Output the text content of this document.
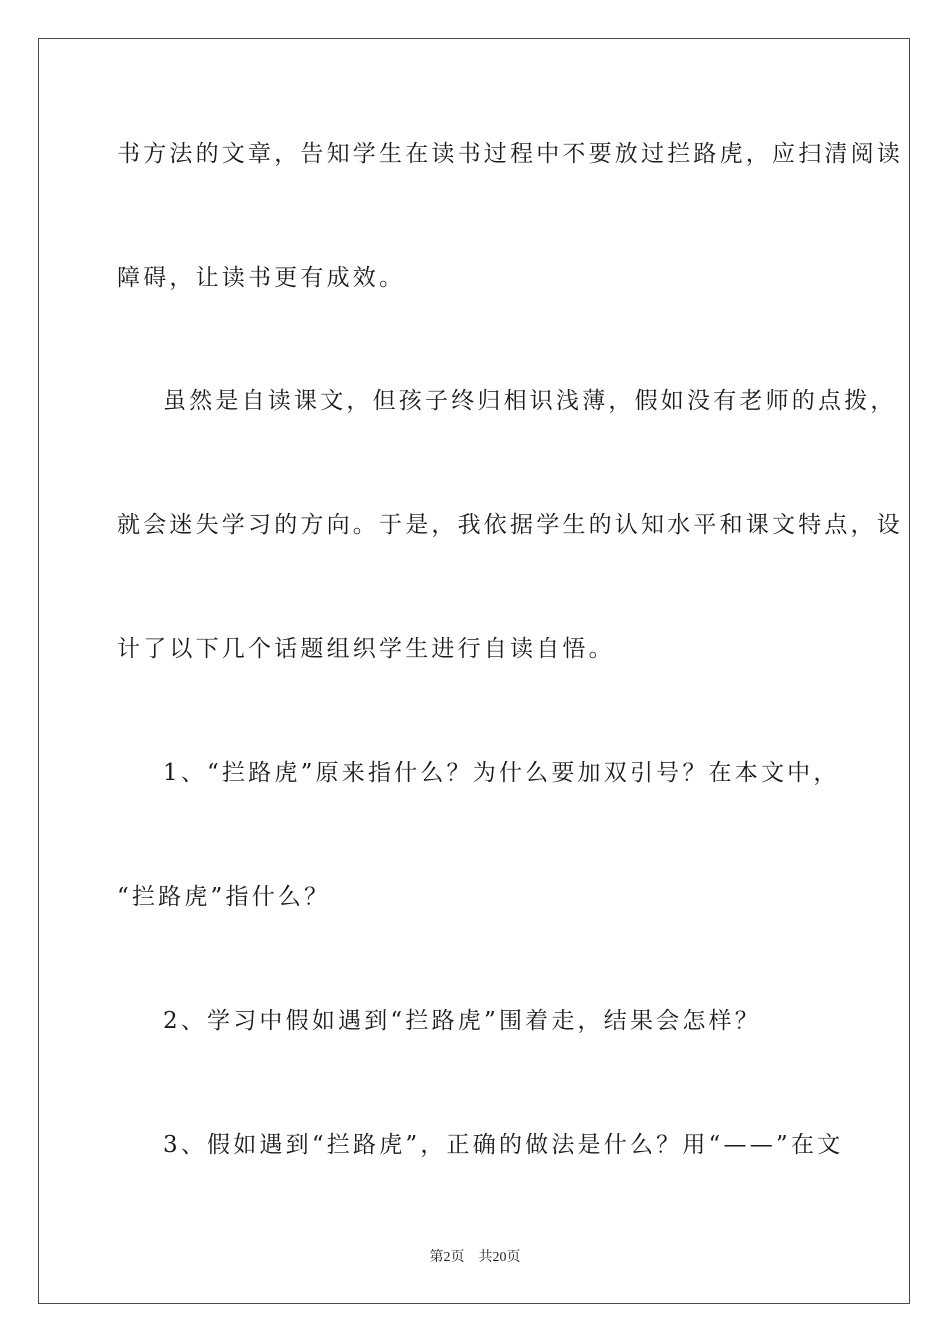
书方法的文章，告知学生在读书过程中不要放过拦路虎，应扫清阅读
障碍，让读书更有成效。
虽然是自读课文，但孩子终归相识浅薄，假如没有老师的点拨，
就会迷失学习的方向。于是，我依据学生的认知水平和课文特点，设
计了以下几个话题组织学生进行自读自悟。
1、“拦路虎”原来指什么？为什么要加双引号？在本文中，
“拦路虎”指什么？
2、学习中假如遇到“拦路虎”围着走，结果会怎样？
3、假如遇到“拦路虎”，正确的做法是什么？用“——”在文
第2页 共20页
